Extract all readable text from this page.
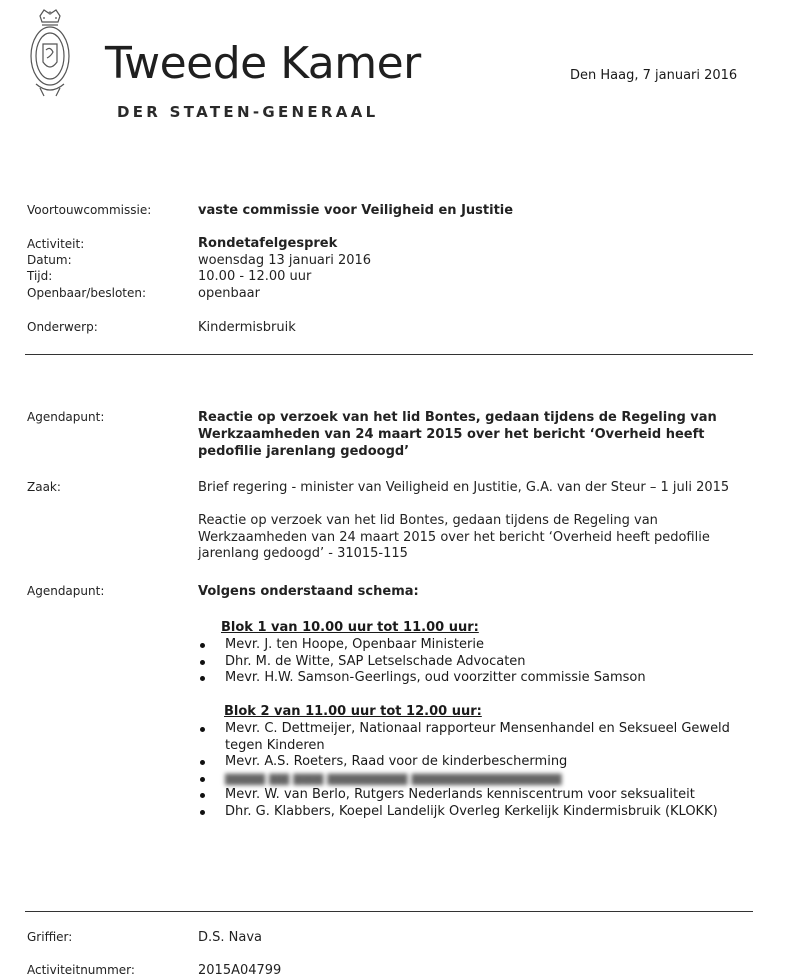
Tweede Kamer
DER STATEN-GENERAAL
Den Haag, 7 januari 2016
Voortouwcommissie:	vaste commissie voor Veiligheid en Justitie
Activiteit:	Rondetafelgesprek
Datum:	woensdag 13 januari 2016
Tijd:	10.00 - 12.00 uur
Openbaar/besloten:	openbaar
Onderwerp:	Kindermisbruik
Agendapunt:	Reactie op verzoek van het lid Bontes, gedaan tijdens de Regeling van Werkzaamheden van 24 maart 2015 over het bericht ‘Overheid heeft pedofilie jarenlang gedoogd’
Zaak:	Brief regering - minister van Veiligheid en Justitie, G.A. van der Steur – 1 juli 2015
Reactie op verzoek van het lid Bontes, gedaan tijdens de Regeling van Werkzaamheden van 24 maart 2015 over het bericht ‘Overheid heeft pedofilie jarenlang gedoogd’ - 31015-115
Agendapunt:	Volgens onderstaand schema:
Blok 1 van 10.00 uur tot 11.00 uur:
Mevr. J. ten Hoope, Openbaar Ministerie
Dhr. M. de Witte, SAP Letselschade Advocaten
Mevr. H.W. Samson-Geerlings, oud voorzitter commissie Samson
Blok 2 van 11.00 uur tot 12.00 uur:
Mevr. C. Dettmeijer, Nationaal rapporteur Mensenhandel en Seksueel Geweld tegen Kinderen
Mevr. A.S. Roeters, Raad voor de kinderbescherming
▆▆▆▆ ▆▆ ▆▆▆ ▆▆▆▆▆▆▆▆ ▆▆▆▆▆▆▆▆▆▆▆▆▆▆▆
Mevr. W. van Berlo, Rutgers Nederlands kenniscentrum voor seksualiteit
Dhr. G. Klabbers, Koepel Landelijk Overleg Kerkelijk Kindermisbruik (KLOKK)
Griffier:	D.S. Nava
Activiteitnummer:	2015A04799
